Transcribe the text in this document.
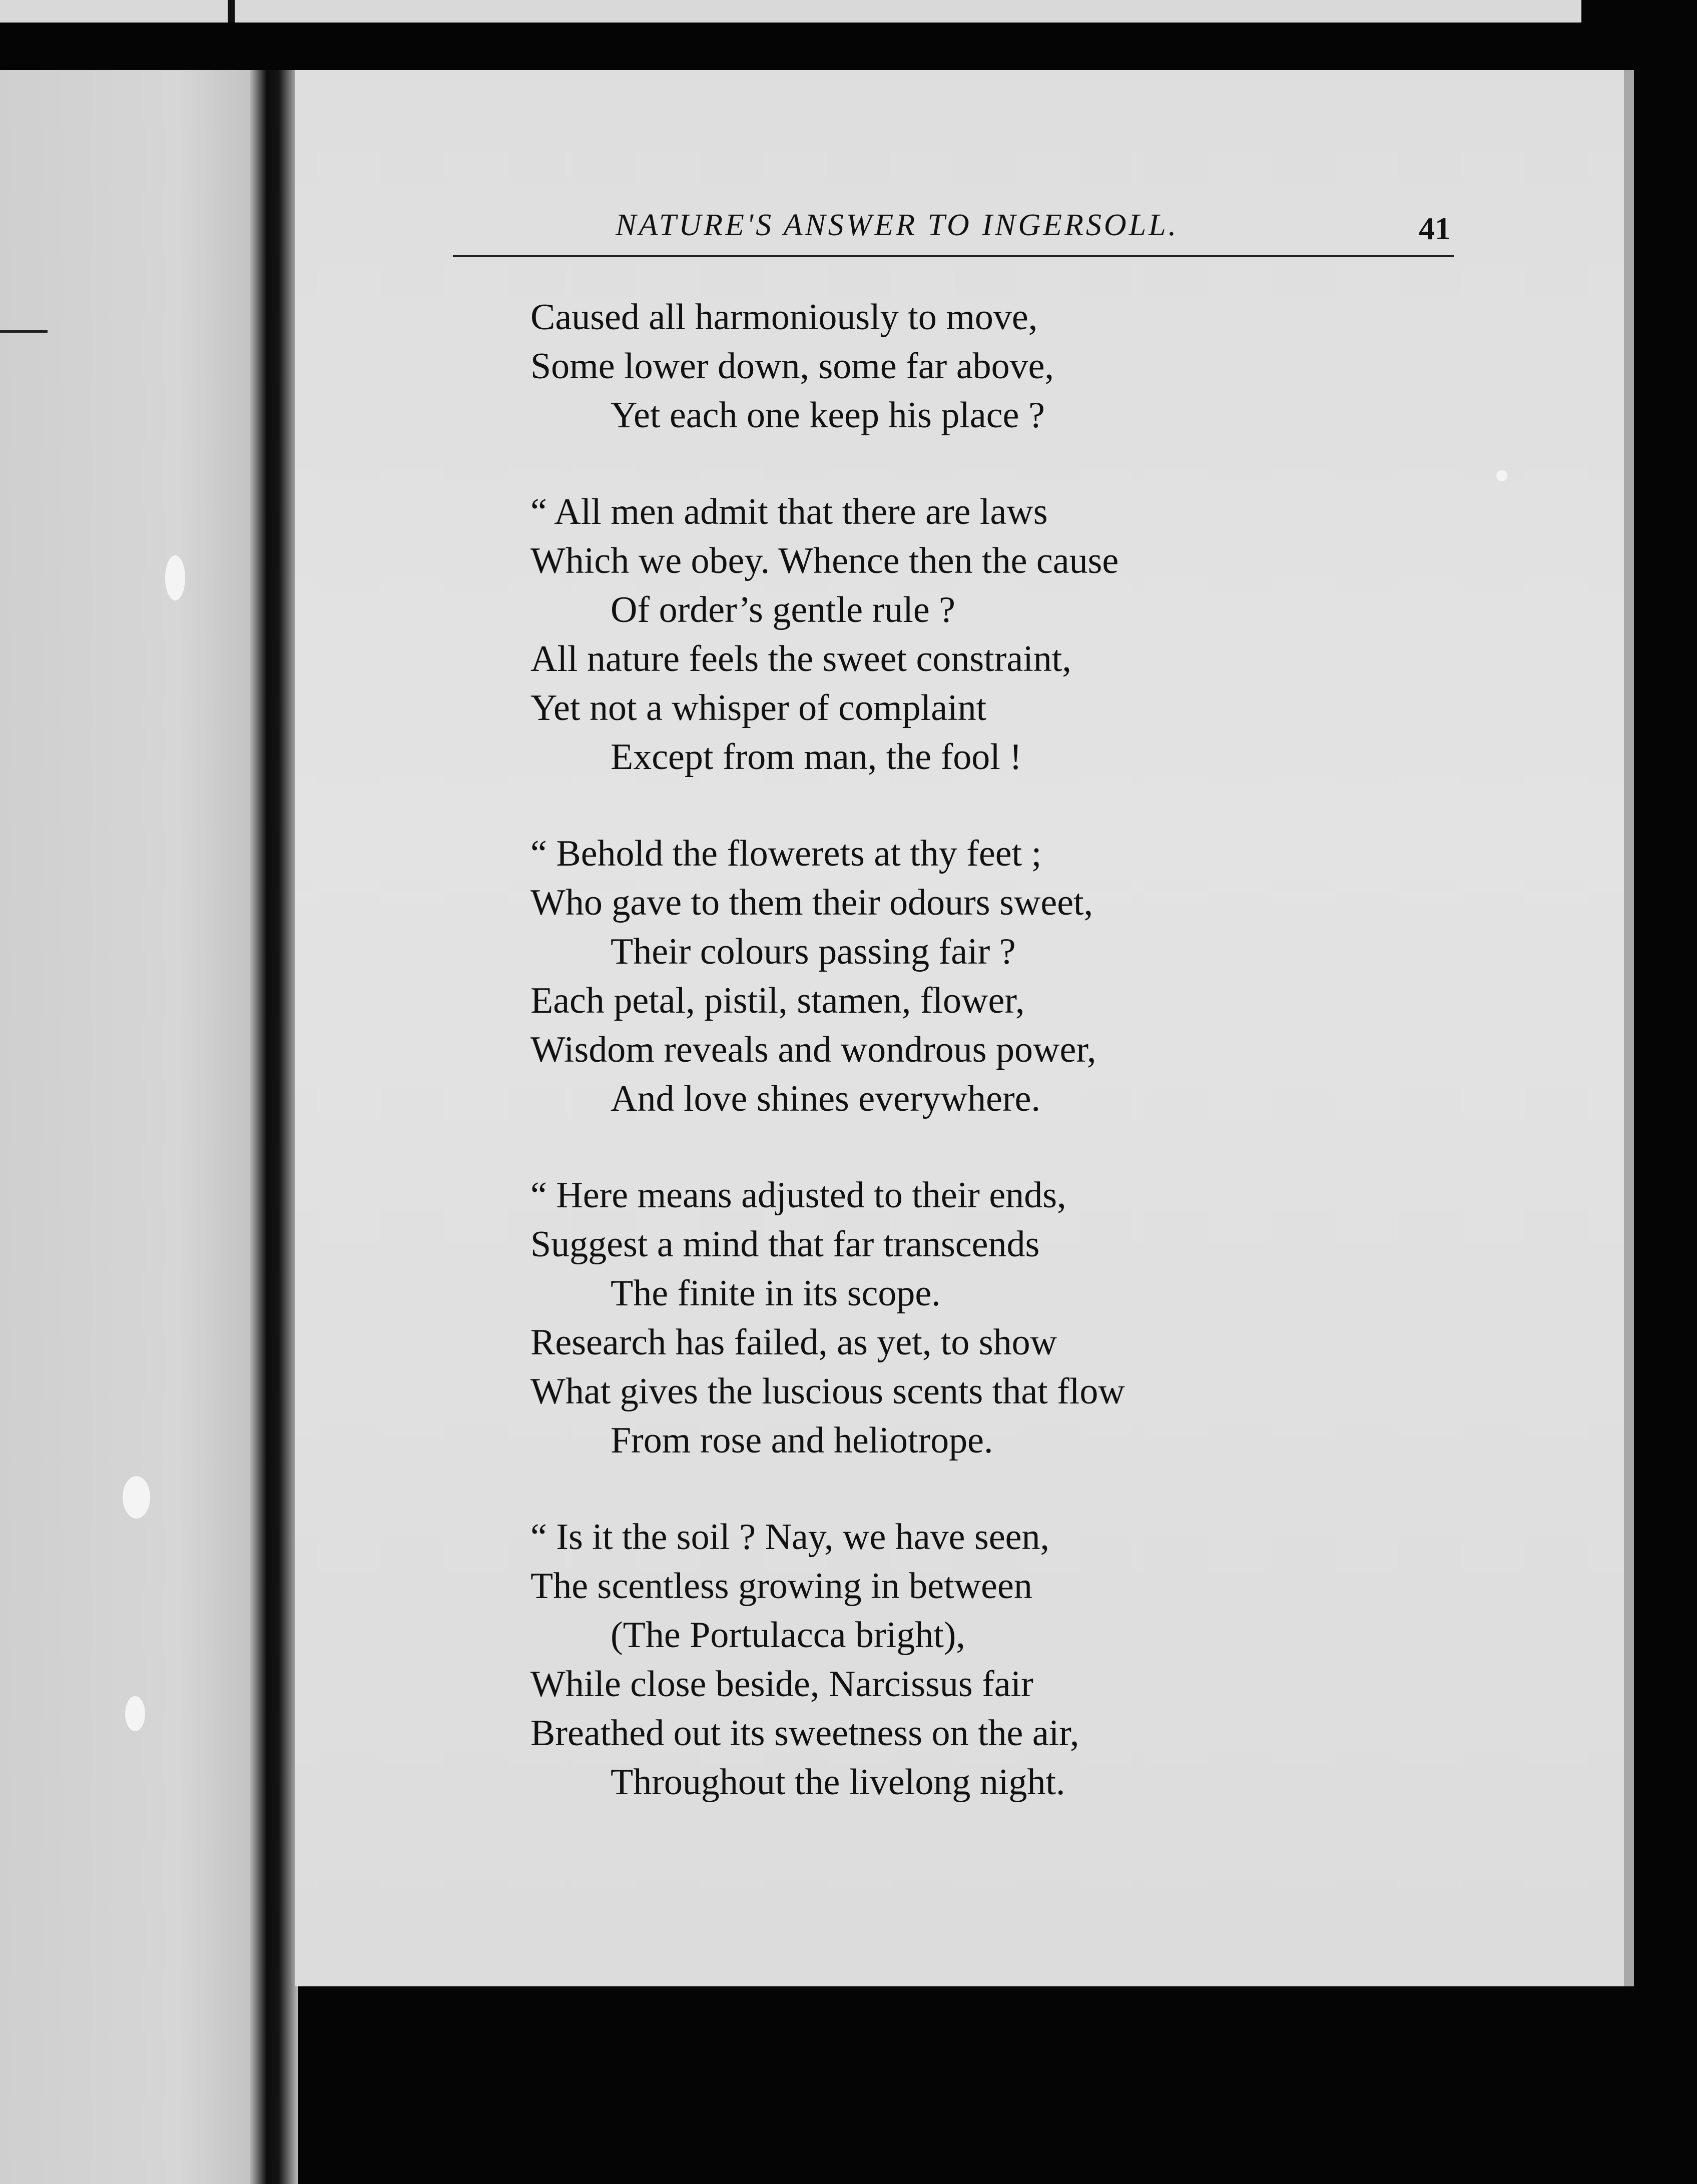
NATURE'S ANSWER TO INGERSOLL.	41
Caused all harmoniously to move,
Some lower down, some far above,
Yet each one keep his place ?
“ All men admit that there are laws
Which we obey. Whence then the cause
Of order’s gentle rule ?
All nature feels the sweet constraint,
Yet not a whisper of complaint
Except from man, the fool !
“ Behold the flowerets at thy feet ;
Who gave to them their odours sweet,
Their colours passing fair ?
Each petal, pistil, stamen, flower,
Wisdom reveals and wondrous power,
And love shines everywhere.
“ Here means adjusted to their ends,
Suggest a mind that far transcends
The finite in its scope.
Research has failed, as yet, to show
What gives the luscious scents that flow
From rose and heliotrope.
“ Is it the soil ? Nay, we have seen,
The scentless growing in between
(The Portulacca bright),
While close beside, Narcissus fair
Breathed out its sweetness on the air,
Throughout the livelong night.
